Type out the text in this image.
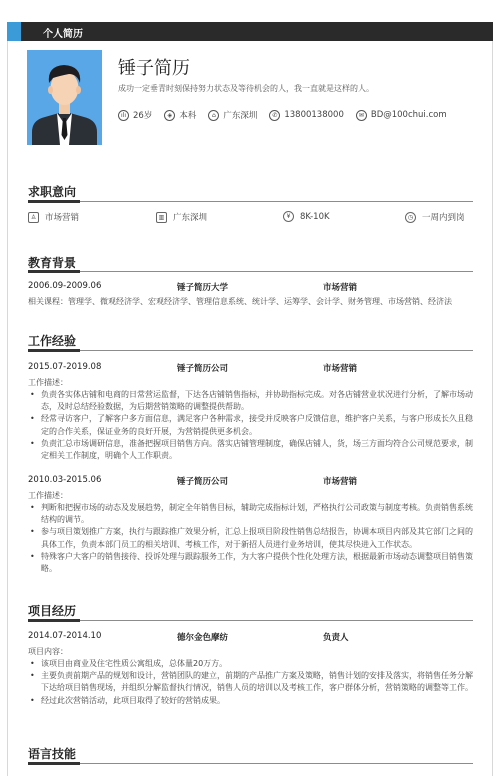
个人简历
锤子简历
成功一定垂青时刻保持努力状态及等待机会的人，我一直就是这样的人。
ılı 26岁	◈ 本科	⌂ 广东深圳	✆ 13800138000	✉ BD@100chui.com
求职意向
♙	市场营销	▥	广东深圳	¥	8K-10K	◷	一周内到岗
教育背景
2006.09-2009.06	锤子简历大学	市场营销
相关课程：管理学、微观经济学、宏观经济学、管理信息系统、统计学、运筹学、会计学、财务管理、市场营销、经济法
工作经验
2015.07-2019.08	锤子简历公司	市场营销
工作描述：
• 负责各实体店铺和电商的日常营运监督，下达各店铺销售指标，并协助指标完成。对各店铺营业状况进行分析，了解市场动态，及时总结经验数据，为后期营销策略的调整提供帮助。
• 经常寻访客户，了解客户多方面信息，满足客户各种需求，接受并反映客户反馈信息，维护客户关系，与客户形成长久且稳定的合作关系，保证业务的良好开展，为营销提供更多机会。
• 负责汇总市场调研信息，准备把握项目销售方向。落实店铺管理制度，确保店铺人，货，场三方面均符合公司规范要求，制定相关工作制度，明确个人工作职责。
2010.03-2015.06	锤子简历公司	市场营销
工作描述：
• 判断和把握市场的动态及发展趋势，制定全年销售目标，辅助完成指标计划，严格执行公司政策与制度考核。负责销售系统结构的调节。
• 参与项目策划推广方案，执行与跟踪推广效果分析，汇总上报项目阶段性销售总结报告，协调本项目内部及其它部门之间的具体工作，负责本部门员工的相关培训、考核工作，对于新招人员进行业务培训，使其尽快进入工作状态。
• 特殊客户大客户的销售接待、投诉处理与跟踪服务工作，为大客户提供个性化处理方法，根据最新市场动态调整项目销售策略。
项目经历
2014.07-2014.10	德尔金色摩纺	负责人
项目内容：
• 该项目由商业及住宅性质公寓组成，总体量20万方。
• 主要负责前期产品的规划和设计，营销团队的建立，前期的产品推广方案及策略，销售计划的安排及落实，将销售任务分解下达给项目销售现场，并组织分解监督执行情况，销售人员的培训以及考核工作，客户群体分析，营销策略的调整等工作。
• 经过此次营销活动，此项目取得了较好的营销成果。
语言技能
